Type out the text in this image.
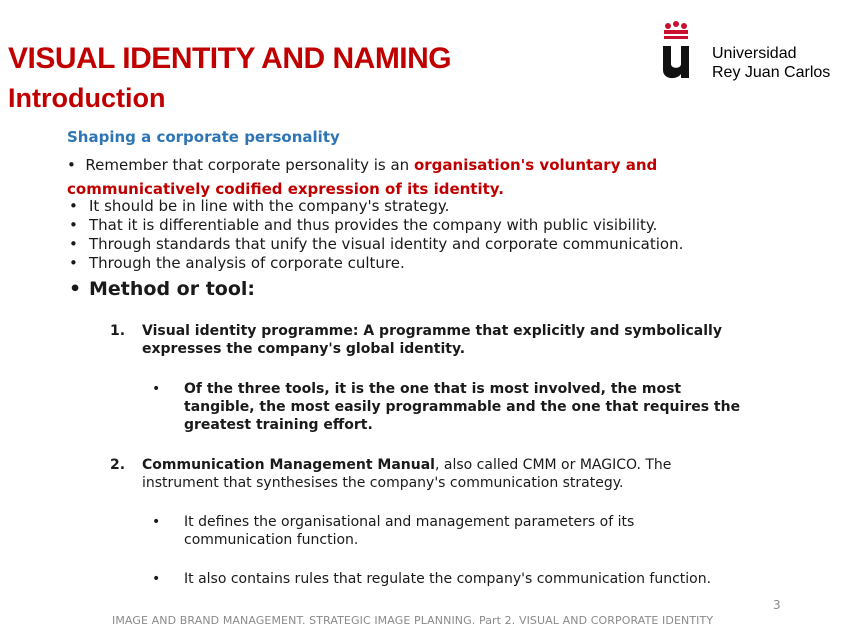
VISUAL IDENTITY AND NAMING
Introduction
Universidad
Rey Juan Carlos
Shaping a corporate personality
•  Remember that corporate personality is an organisation's voluntary and
communicatively codified expression of its identity.
• It should be in line with the company's strategy.
• That it is differentiable and thus provides the company with public visibility.
• Through standards that unify the visual identity and corporate communication.
• Through the analysis of corporate culture.
• Method or tool:
1. Visual identity programme: A programme that explicitly and symbolically expresses the company's global identity.
• Of the three tools, it is the one that is most involved, the most tangible, the most easily programmable and the one that requires the greatest training effort.
2. Communication Management Manual, also called CMM or MAGICO. The instrument that synthesises the company's communication strategy.
• It defines the organisational and management parameters of its communication function.
• It also contains rules that regulate the company's communication function.
3
IMAGE AND BRAND MANAGEMENT. STRATEGIC IMAGE PLANNING. Part 2. VISUAL AND CORPORATE IDENTITY
